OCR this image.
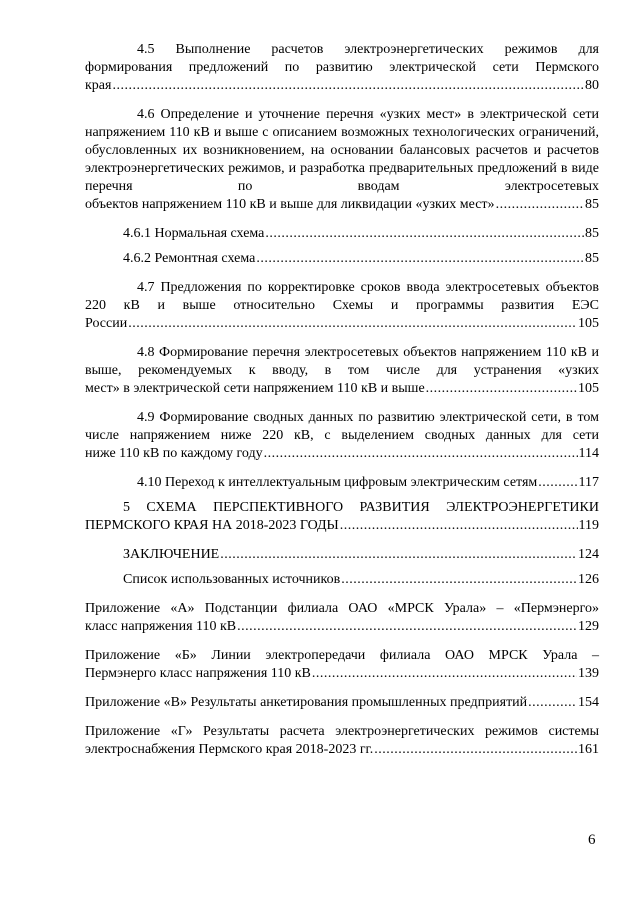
4.5 Выполнение расчетов электроэнергетических режимов для формирования предложений по развитию электрической сети Пермского
края .....	80
4.6 Определение и уточнение перечня «узких мест» в электрической сети напряжением 110 кВ и выше с описанием возможных технологических ограничений, обусловленных их возникновением, на основании балансовых расчетов и расчетов электроэнергетических режимов, и разработка предварительных предложений в виде перечня по вводам электросетевых
объектов напряжением 110 кВ и выше для ликвидации «узких мест» .....	85
4.6.1 Нормальная схема .....	85
4.6.2 Ремонтная схема .....	85
4.7 Предложения по корректировке сроков ввода электросетевых объектов 220 кВ и выше относительно Схемы и программы развития ЕЭС
России .....	105
4.8 Формирование перечня электросетевых объектов напряжением 110 кВ и выше, рекомендуемых к вводу, в том числе для устранения «узких
мест» в электрической сети напряжением 110 кВ и выше .....	105
4.9 Формирование сводных данных по развитию электрической сети, в том числе напряжением ниже 220 кВ, с выделением сводных данных для сети
ниже 110 кВ по каждому году .....	114
4.10 Переход к интеллектуальным цифровым электрическим сетям .....	117
5 СХЕМА ПЕРСПЕКТИВНОГО РАЗВИТИЯ ЭЛЕКТРОЭНЕРГЕТИКИ
ПЕРМСКОГО КРАЯ НА 2018-2023 ГОДЫ .....	119
ЗАКЛЮЧЕНИЕ .....	124
Список использованных источников .....	126
Приложение «А» Подстанции филиала ОАО «МРСК Урала» – «Пермэнерго»
класс напряжения 110 кВ .....	129
Приложение «Б» Линии электропередачи филиала ОАО МРСК Урала –
Пермэнерго класс напряжения 110 кВ .....	139
Приложение «В» Результаты анкетирования промышленных предприятий .....	154
Приложение «Г» Результаты расчета электроэнергетических режимов системы
электроснабжения Пермского края 2018-2023 гг. .....	161
6
